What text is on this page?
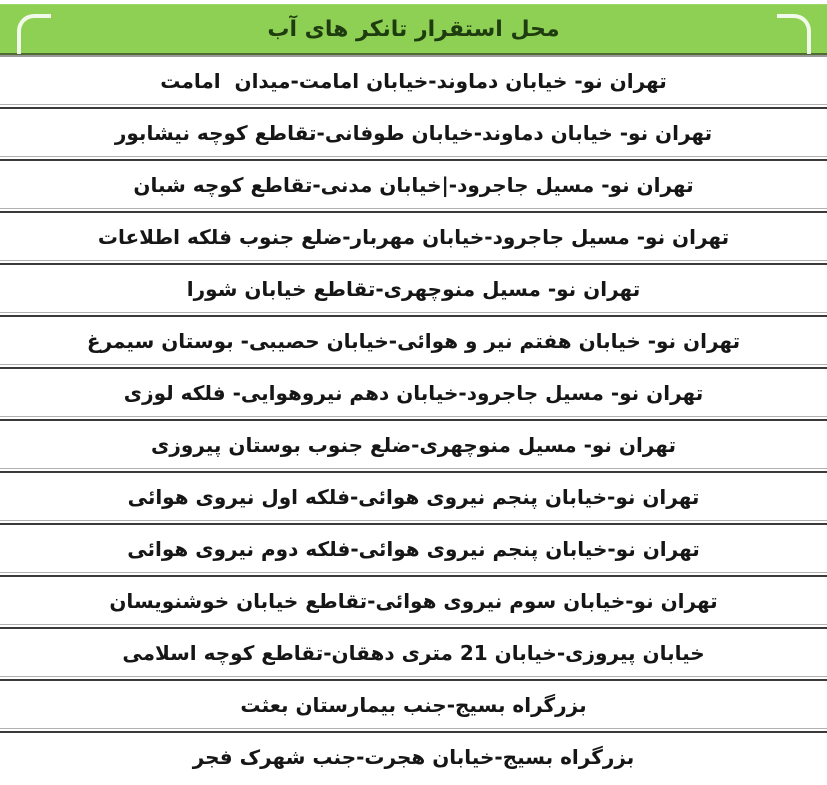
محل استقرار تانکر های آب
تهران نو- خیابان دماوند-خیابان امامت-میدان  امامت
تهران نو- خیابان دماوند-خیابان طوفانی-تقاطع کوچه نیشابور
تهران نو- مسیل جاجرود-|خیابان مدنی-تقاطع کوچه شبان
تهران نو- مسیل جاجرود-خیابان مهربار-ضلع جنوب فلکه اطلاعات
تهران نو- مسیل منوچهری-تقاطع خیابان شورا
تهران نو- خیابان هفتم نیر و هوائی-خیابان حصیبی- بوستان سیمرغ
تهران نو- مسیل جاجرود-خیابان دهم نیروهوایی- فلکه لوزی
تهران نو- مسیل منوچهری-ضلع جنوب بوستان پیروزی
تهران نو-خیابان پنجم نیروی هوائی-فلکه اول نیروی هوائی
تهران نو-خیابان پنجم نیروی هوائی-فلکه دوم نیروی هوائی
تهران نو-خیابان سوم نیروی هوائی-تقاطع خیابان خوشنویسان
خیابان پیروزی-خیابان 21 متری دهقان-تقاطع کوچه اسلامی
بزرگراه بسیج-جنب بیمارستان بعثت
بزرگراه بسیج-خیابان هجرت-جنب شهرک فجر
